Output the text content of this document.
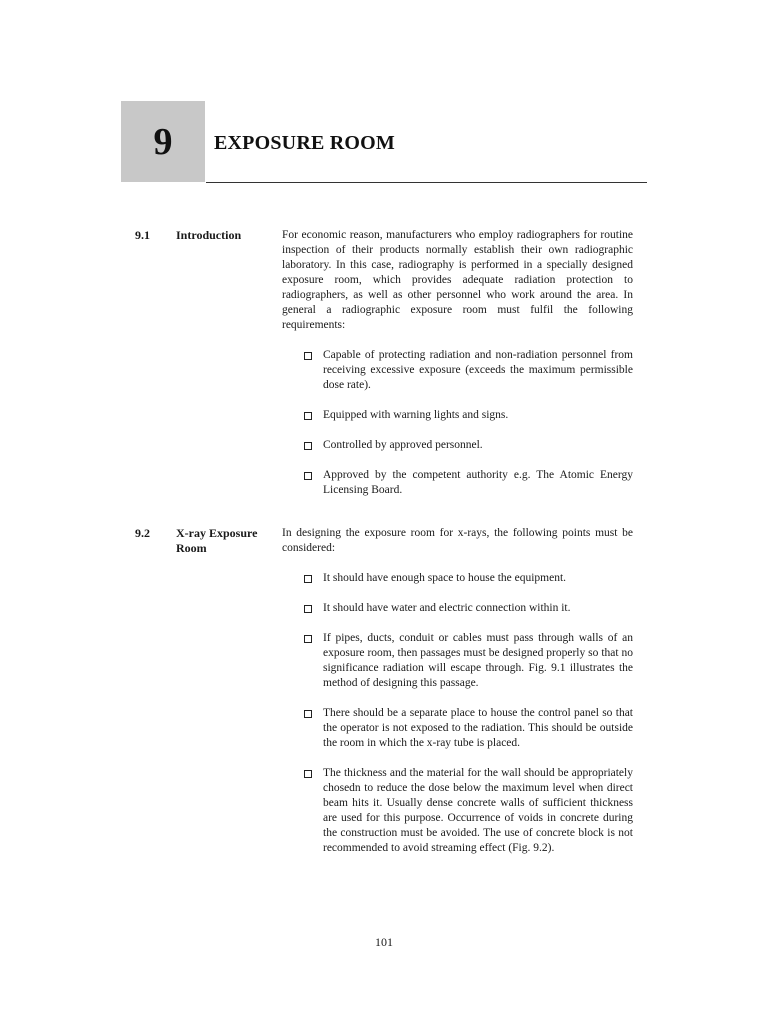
9 EXPOSURE ROOM
9.1 Introduction	For economic reason, manufacturers who employ radiographers for routine inspection of their products normally establish their own radiographic laboratory. In this case, radiography is performed in a specially designed exposure room, which provides adequate radiation protection to radiographers, as well as other personnel who work around the area. In general a radiographic exposure room must fulfil the following requirements:

Capable of protecting radiation and non-radiation personnel from receiving excessive exposure (exceeds the maximum permissible dose rate).
Equipped with warning lights and signs.
Controlled by approved personnel.
Approved by the competent authority e.g. The Atomic Energy Licensing Board.
9.2 X-ray Exposure Room

In designing the exposure room for x-rays, the following points must be considered:

It should have enough space to house the equipment.
It should have water and electric connection within it.
If pipes, ducts, conduit or cables must pass through walls of an exposure room, then passages must be designed properly so that no significance radiation will escape through. Fig. 9.1 illustrates the method of designing this passage.
There should be a separate place to house the control panel so that the operator is not exposed to the radiation. This should be outside the room in which the x-ray tube is placed.
The thickness and the material for the wall should be appropriately chosedn to reduce the dose below the maximum level when direct beam hits it. Usually dense concrete walls of sufficient thickness are used for this purpose. Occurrence of voids in concrete during the construction must be avoided. The use of concrete block is not recommended to avoid streaming effect (Fig. 9.2).
101
